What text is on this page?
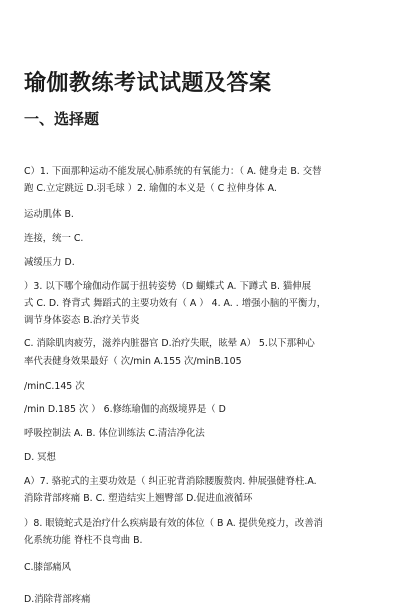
瑜伽教练考试试题及答案
一、选择题
C）1. 下面那种运动不能发展心肺系统的有氧能力：（ A. 健身走 B. 交替
跑 C.立定跳远 D.羽毛球 ）2. 瑜伽的本义是（ C 拉伸身体 A.
运动肌体 B.
连接，统一 C.
减缓压力 D.
）3. 以下哪个瑜伽动作属于扭转姿势（D 蝴蝶式 A. 下蹲式 B. 猫伸展
式 C. D. 脊背式 舞蹈式的主要功效有（ A ） 4. A. . 增强小脑的平衡力，
调节身体姿态 B.治疗关节炎
C. 消除肌肉疲劳，滋养内脏器官 D.治疗失眠，眩晕 A） 5.以下那种心
率代表健身效果最好（ 次/min A.155 次/minB.105
/minC.145 次
/min D.185 次 ） 6.修练瑜伽的高级境界是（ D
呼吸控制法 A. B. 体位训练法 C.清洁净化法
D. 冥想
A）7. 骆驼式的主要功效是（ 纠正驼背消除腰腹赘肉. 伸展强健脊柱.A.
消除背部疼痛 B. C. 塑造结实上翘臀部 D.促进血液循环
）8. 眼镜蛇式是治疗什么疾病最有效的体位（ B A. 提供免疫力，改善消
化系统功能 脊柱不良弯曲 B.
C.膝部痛风
D.消除背部疼痛
